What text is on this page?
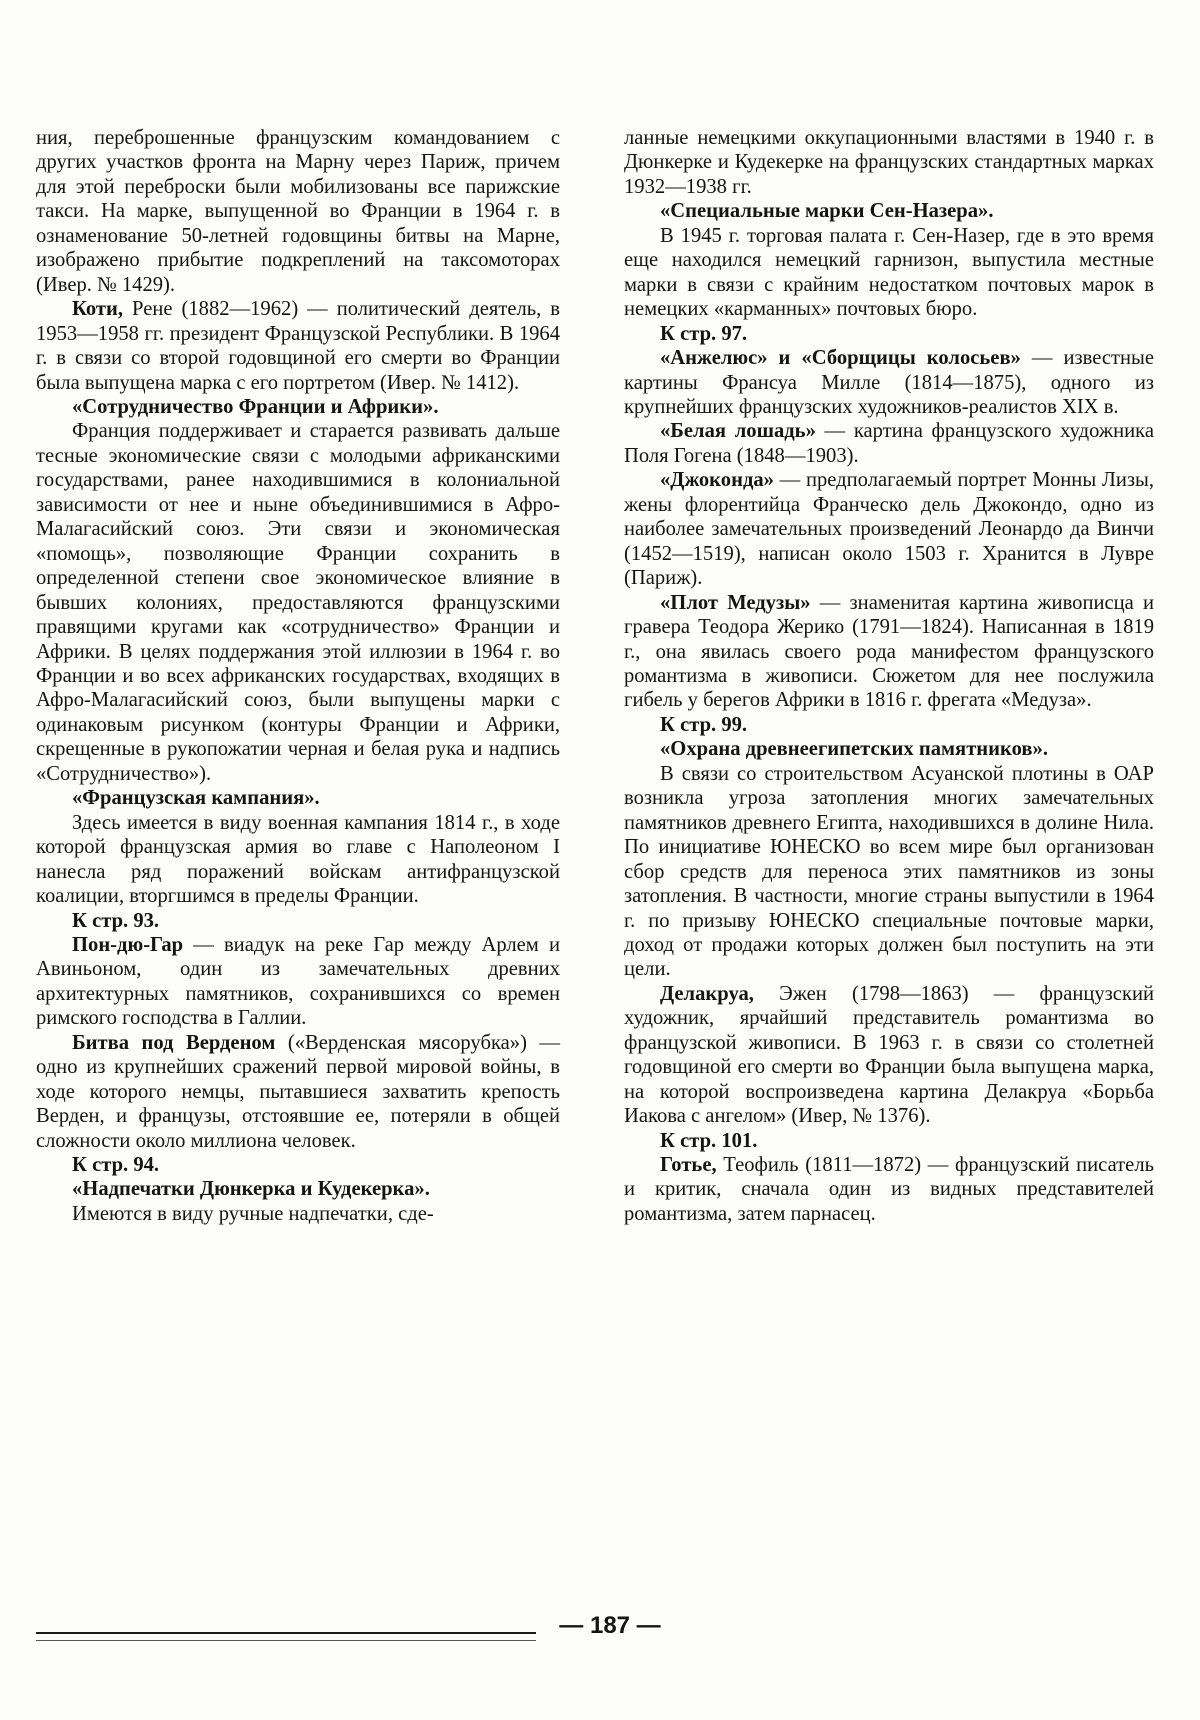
ния, переброшенные французским командованием с других участков фронта на Марну через Париж, причем для этой переброски были мобилизованы все парижские такси. На марке, выпущенной во Франции в 1964 г. в ознаменование 50-летней годовщины битвы на Марне, изображено прибытие подкреплений на таксомоторах (Ивер. № 1429).

Коти, Рене (1882—1962) — политический деятель, в 1953—1958 гг. президент Французской Республики. В 1964 г. в связи со второй годовщиной его смерти во Франции была выпущена марка с его портретом (Ивер. № 1412).

«Сотрудничество Франции и Африки».

Франция поддерживает и старается развивать дальше тесные экономические связи с молодыми африканскими государствами, ранее находившимися в колониальной зависимости от нее и ныне объединившимися в Афро-Малагасийский союз. Эти связи и экономическая «помощь», позволяющие Франции сохранить в определенной степени свое экономическое влияние в бывших колониях, предоставляются французскими правящими кругами как «сотрудничество» Франции и Африки. В целях поддержания этой иллюзии в 1964 г. во Франции и во всех африканских государствах, входящих в Афро-Малагасийский союз, были выпущены марки с одинаковым рисунком (контуры Франции и Африки, скрещенные в рукопожатии черная и белая рука и надпись «Сотрудничество»).

«Французская кампания».

Здесь имеется в виду военная кампания 1814 г., в ходе которой французская армия во главе с Наполеоном I нанесла ряд поражений войскам антифранцузской коалиции, вторгшимся в пределы Франции.

К стр. 93.

Пон-дю-Гар — виадук на реке Гар между Арлем и Авиньоном, один из замечательных древних архитектурных памятников, сохранившихся со времен римского господства в Галлии.

Битва под Верденом («Верденская мясорубка») — одно из крупнейших сражений первой мировой войны, в ходе которого немцы, пытавшиеся захватить крепость Верден, и французы, отстоявшие ее, потеряли в общей сложности около миллиона человек.

К стр. 94.

«Надпечатки Дюнкерка и Кудекерка».

Имеются в виду ручные надпечатки, сде-

ланные немецкими оккупационными властями в 1940 г. в Дюнкерке и Кудекерке на французских стандартных марках 1932—1938 гг.

«Специальные марки Сен-Назера».

В 1945 г. торговая палата г. Сен-Назер, где в это время еще находился немецкий гарнизон, выпустила местные марки в связи с крайним недостатком почтовых марок в немецких «карманных» почтовых бюро.

К стр. 97.

«Анжелюс» и «Сборщицы колосьев» — известные картины Франсуа Милле (1814—1875), одного из крупнейших французских художников-реалистов XIX в.

«Белая лошадь» — картина французского художника Поля Гогена (1848—1903).

«Джоконда» — предполагаемый портрет Монны Лизы, жены флорентийца Франческо дель Джокондо, одно из наиболее замечательных произведений Леонардо да Винчи (1452—1519), написан около 1503 г. Хранится в Лувре (Париж).

«Плот Медузы» — знаменитая картина живописца и гравера Теодора Жерико (1791—1824). Написанная в 1819 г., она явилась своего рода манифестом французского романтизма в живописи. Сюжетом для нее послужила гибель у берегов Африки в 1816 г. фрегата «Медуза».

К стр. 99.

«Охрана древнеегипетских памятников».

В связи со строительством Асуанской плотины в ОАР возникла угроза затопления многих замечательных памятников древнего Египта, находившихся в долине Нила. По инициативе ЮНЕСКО во всем мире был организован сбор средств для переноса этих памятников из зоны затопления. В частности, многие страны выпустили в 1964 г. по призыву ЮНЕСКО специальные почтовые марки, доход от продажи которых должен был поступить на эти цели.

Делакруа, Эжен (1798—1863) — французский художник, ярчайший представитель романтизма во французской живописи. В 1963 г. в связи со столетней годовщиной его смерти во Франции была выпущена марка, на которой воспроизведена картина Делакруа «Борьба Иакова с ангелом» (Ивер, № 1376).

К стр. 101.

Готье, Теофиль (1811—1872) — французский писатель и критик, сначала один из видных представителей романтизма, затем парнасец.

— 187 —
